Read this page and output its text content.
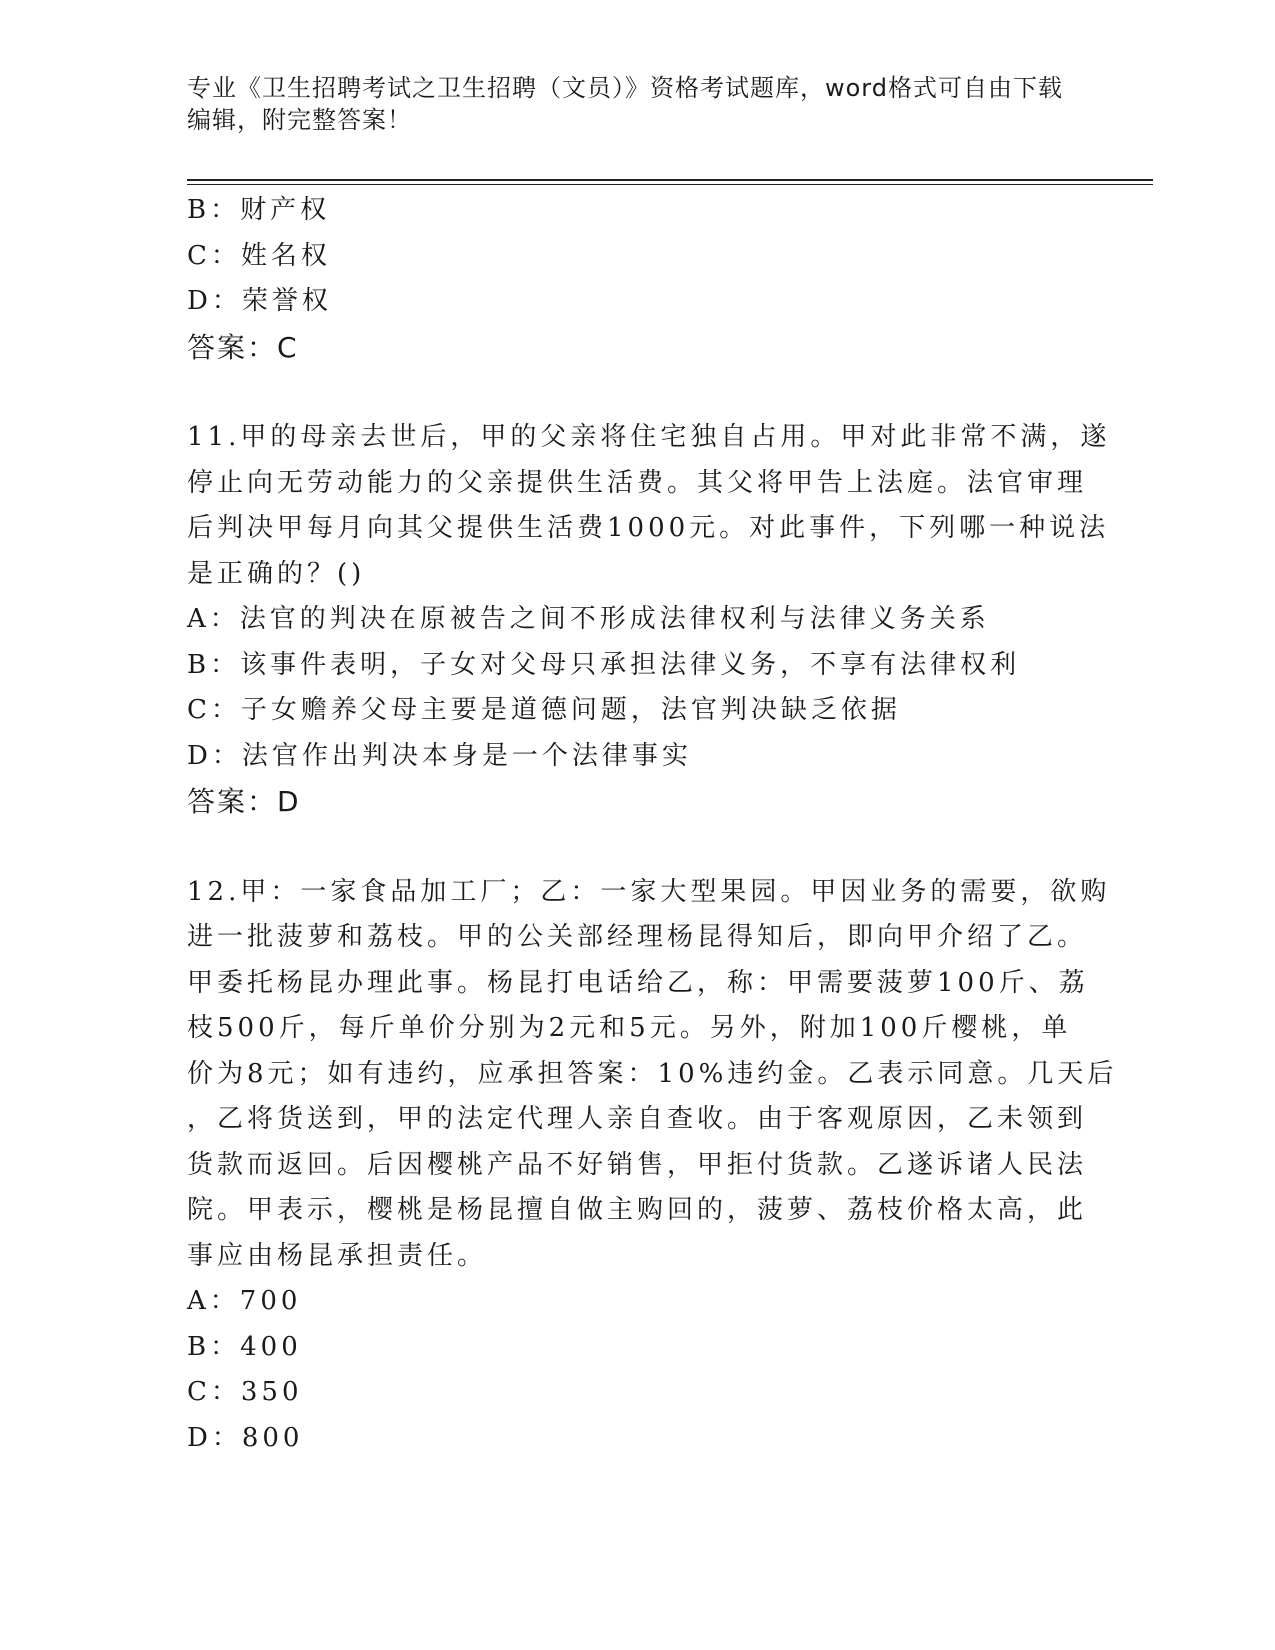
专业《卫生招聘考试之卫生招聘（文员）》资格考试题库，word格式可自由下载
编辑，附完整答案！
B：财产权
C：姓名权
D：荣誉权
答案：C
11.甲的母亲去世后，甲的父亲将住宅独自占用。甲对此非常不满，遂
停止向无劳动能力的父亲提供生活费。其父将甲告上法庭。法官审理
后判决甲每月向其父提供生活费1000元。对此事件，下列哪一种说法
是正确的？()
A：法官的判决在原被告之间不形成法律权利与法律义务关系
B：该事件表明，子女对父母只承担法律义务，不享有法律权利
C：子女赡养父母主要是道德问题，法官判决缺乏依据
D：法官作出判决本身是一个法律事实
答案：D
12.甲：一家食品加工厂；乙：一家大型果园。甲因业务的需要，欲购
进一批菠萝和荔枝。甲的公关部经理杨昆得知后，即向甲介绍了乙。
甲委托杨昆办理此事。杨昆打电话给乙，称：甲需要菠萝100斤、荔
枝500斤，每斤单价分别为2元和5元。另外，附加100斤樱桃，单
价为8元；如有违约，应承担答案：10%违约金。乙表示同意。几天后
，乙将货送到，甲的法定代理人亲自查收。由于客观原因，乙未领到
货款而返回。后因樱桃产品不好销售，甲拒付货款。乙遂诉诸人民法
院。甲表示，樱桃是杨昆擅自做主购回的，菠萝、荔枝价格太高，此
事应由杨昆承担责任。
A：700
B：400
C：350
D：800
